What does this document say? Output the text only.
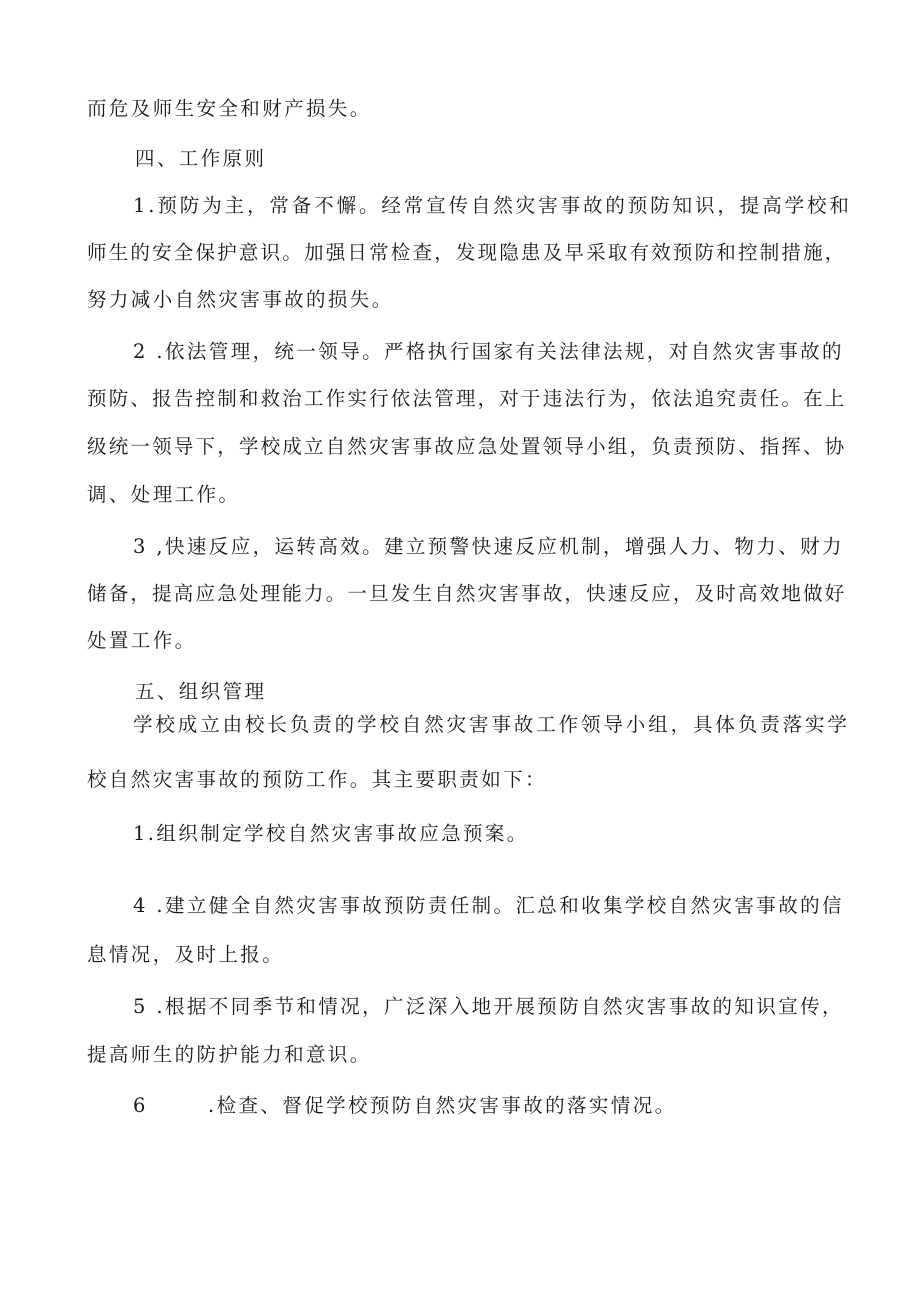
而危及师生安全和财产损失。
四、工作原则
1.预防为主，常备不懈。经常宣传自然灾害事故的预防知识，提高学校和
师生的安全保护意识。加强日常检查，发现隐患及早采取有效预防和控制措施，
努力减小自然灾害事故的损失。
2 .依法管理，统一领导。严格执行国家有关法律法规，对自然灾害事故的
预防、报告控制和救治工作实行依法管理，对于违法行为，依法追究责任。在上
级统一领导下，学校成立自然灾害事故应急处置领导小组，负责预防、指挥、协
调、处理工作。
3 ,快速反应，运转高效。建立预警快速反应机制，增强人力、物力、财力
储备，提高应急处理能力。一旦发生自然灾害事故，快速反应，及时高效地做好
处置工作。
五、组织管理
学校成立由校长负责的学校自然灾害事故工作领导小组，具体负责落实学
校自然灾害事故的预防工作。其主要职责如下：
1.组织制定学校自然灾害事故应急预案。
4 .建立健全自然灾害事故预防责任制。汇总和收集学校自然灾害事故的信
息情况，及时上报。
5 .根据不同季节和情况，广泛深入地开展预防自然灾害事故的知识宣传，
提高师生的防护能力和意识。
6       .检查、督促学校预防自然灾害事故的落实情况。
